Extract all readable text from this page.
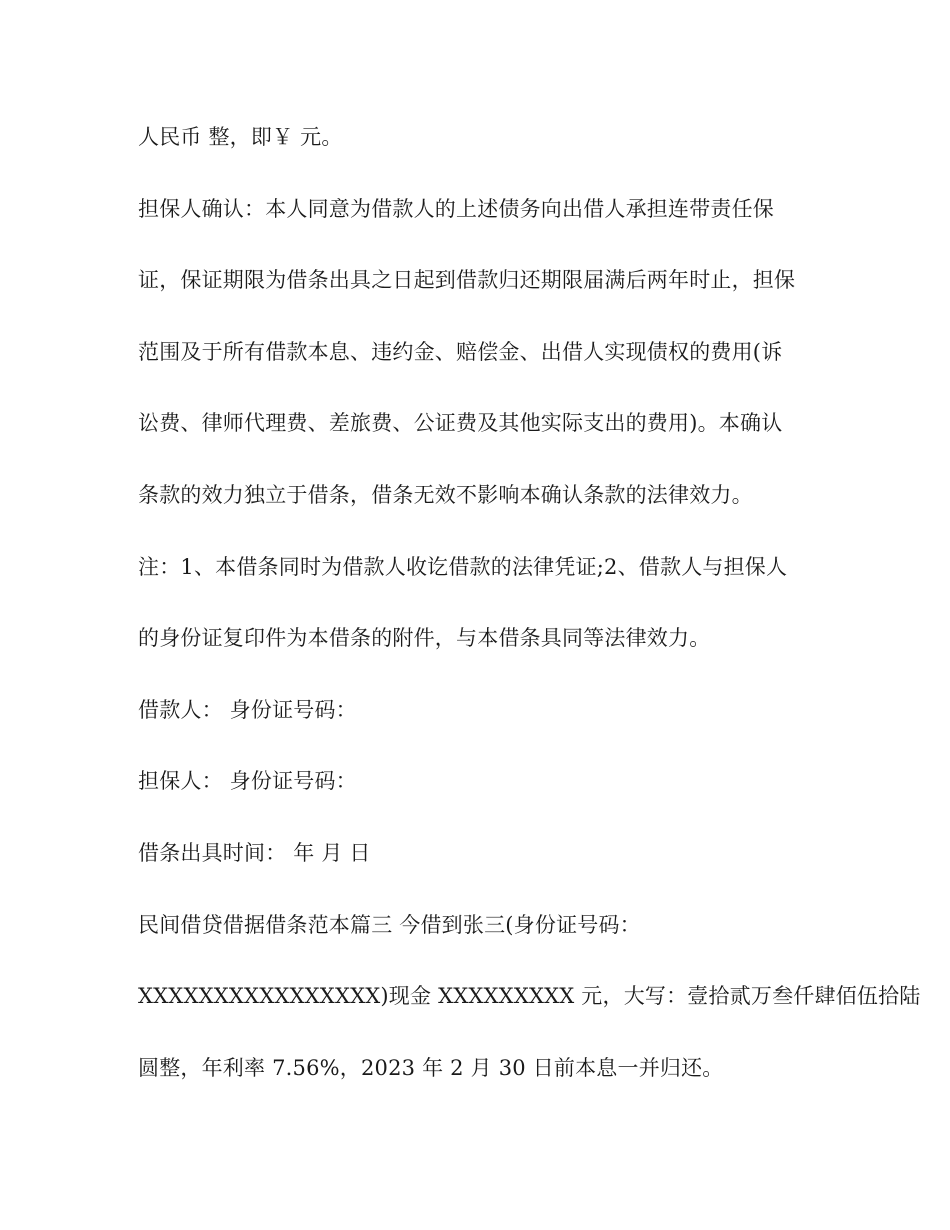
人民币 整，即￥ 元。

担保人确认：本人同意为借款人的上述债务向出借人承担连带责任保

证，保证期限为借条出具之日起到借款归还期限届满后两年时止，担保

范围及于所有借款本息、违约金、赔偿金、出借人实现债权的费用(诉

讼费、律师代理费、差旅费、公证费及其他实际支出的费用)。本确认

条款的效力独立于借条，借条无效不影响本确认条款的法律效力。

注：1、本借条同时为借款人收讫借款的法律凭证;2、借款人与担保人

的身份证复印件为本借条的附件，与本借条具同等法律效力。

借款人： 身份证号码：

担保人： 身份证号码：

借条出具时间： 年 月 日

民间借贷借据借条范本篇三 今借到张三(身份证号码：

XXXXXXXXXXXXXXXX)现金 XXXXXXXXX 元，大写：壹拾贰万叁仟肆佰伍拾陆

圆整，年利率 7.56%，2023 年 2 月 30 日前本息一并归还。
